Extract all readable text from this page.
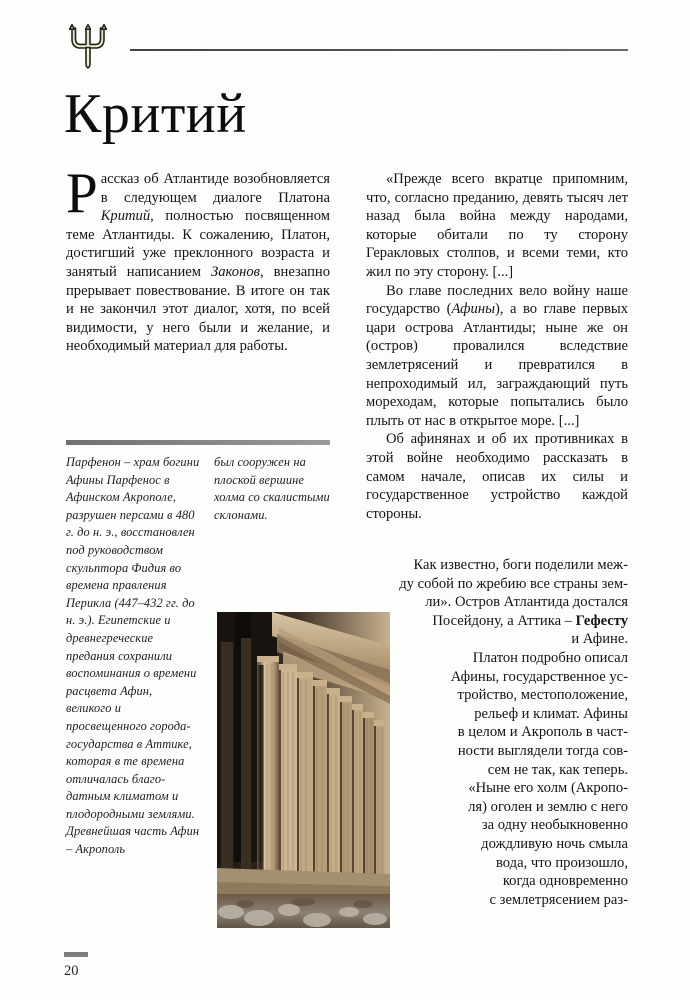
Критий

Рассказ об Атлантиде возобновляется в следующем диалоге Платона Критий, полностью посвященном теме Атлантиды. К сожалению, Платон, достигший уже преклонного возраста и занятый написанием Законов, внезапно прерывает повествование. В итоге он так и не закончил этот диалог, хотя, по всей видимости, у него были и желание, и необходимый материал для работы.

Парфенон – храм богини Афины Парфенос в Афинском Акрополе, разрушен персами в 480 г. до н. э., восстановлен под руководством скульптора Фидия во времена правления Перикла (447–432 гг. до н. э.). Египетские и древнегреческие предания сохранили воспоминания о времени расцвета Афин, великого и просвещенного города-государства в Аттике, которая в те времена отличалась благодатным климатом и плодородными землями. Древнейшая часть Афин – Акрополь

был сооружен на плоской вершине холма со скалистыми склонами.

«Прежде всего вкратце припомним, что, согласно преданию, девять тысяч лет назад была война между народами, которые обитали по ту сторону Геракловых столпов, и всеми теми, кто жил по эту сторону. [...]

Во главе последних вело войну наше государство (Афины), а во главе первых цари острова Атлантиды; ныне же он (остров) провалился вследствие землетрясений и превратился в непроходимый ил, заграждающий путь мореходам, которые попытались было плыть от нас в открытое море. [...]

Об афинянах и об их противниках в этой войне необходимо рассказать в самом начале, описав их силы и государственное устройство каждой стороны.

Как известно, боги поделили меж-
ду собой по жребию все страны зем-
ли». Остров Атлантида достался
Посейдону, а Аттика – Гефесту
и Афине.
Платон подробно описал
Афины, государственное ус-
тройство, местоположение,
рельеф и климат. Афины
в целом и Акрополь в част-
ности выглядели тогда сов-
сем не так, как теперь.
«Ныне его холм (Акропо-
ля) оголен и землю с него
за одну необыкновенно
дождливую ночь смыла
вода, что произошло,
когда одновременно
с землетрясением раз-
20
